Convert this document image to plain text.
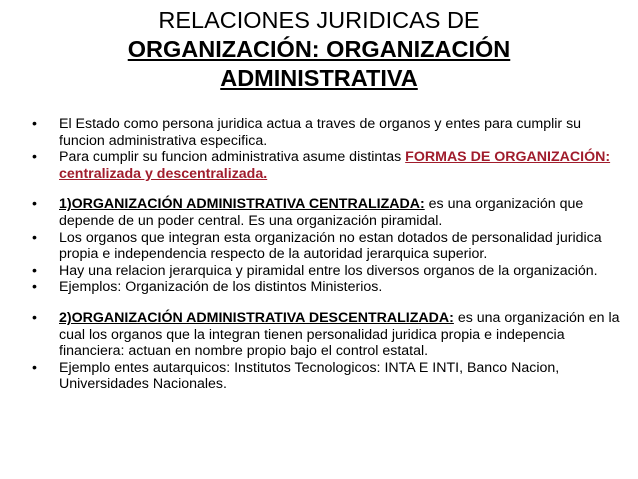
RELACIONES JURIDICAS DE
ORGANIZACIÓN: ORGANIZACIÓN
ADMINISTRATIVA
• El Estado como persona juridica actua a traves de organos y entes para cumplir su funcion administrativa especifica.
• Para cumplir su funcion administrativa asume distintas FORMAS DE ORGANIZACIÓN: centralizada y descentralizada.
• 1)ORGANIZACIÓN ADMINISTRATIVA CENTRALIZADA: es una organización que depende de un poder central. Es una organización piramidal.
• Los organos que integran esta organización no estan dotados de personalidad juridica propia e independencia respecto de la autoridad jerarquica superior.
• Hay una relacion jerarquica y piramidal entre los diversos organos de la organización.
• Ejemplos: Organización de los distintos Ministerios.
• 2)ORGANIZACIÓN ADMINISTRATIVA DESCENTRALIZADA: es una organización en la cual los organos que la integran tienen personalidad juridica propia e indepencia financiera: actuan en nombre propio bajo el control estatal.
• Ejemplo entes autarquicos: Institutos Tecnologicos: INTA E INTI, Banco Nacion, Universidades Nacionales.
